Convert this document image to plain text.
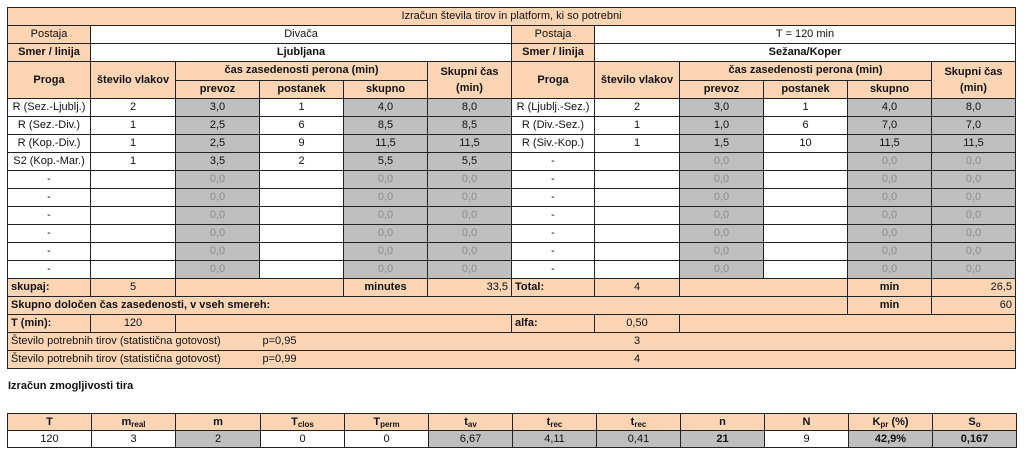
Izračun števila tirov in platform, ki so potrebni											
Postaja	Divača					Postaja	T = 120 min				
Smer / linija	Ljubljana					Smer / linija	Sežana/Koper				
Proga	število vlakov	čas zasedenosti perona (min)			Skupni čas (min)	Proga	število vlakov	čas zasedenosti perona (min)			Skupni čas (min)
		prevoz	postanek	skupno				prevoz	postanek	skupno	
R (Sez.-Ljublj.)	2	3,0	1	4,0	8,0	R (Ljublj.-Sez.)	2	3,0	1	4,0	8,0
R (Sez.-Div.)	1	2,5	6	8,5	8,5	R (Div.-Sez.)	1	1,0	6	7,0	7,0
R (Kop.-Div.)	1	2,5	9	11,5	11,5	R (Siv.-Kop.)	1	1,5	10	11,5	11,5
S2 (Kop.-Mar.)	1	3,5	2	5,5	5,5	-		0,0		0,0	0,0
-		0,0		0,0	0,0	-		0,0		0,0	0,0
-		0,0		0,0	0,0	-		0,0		0,0	0,0
-		0,0		0,0	0,0	-		0,0		0,0	0,0
-		0,0		0,0	0,0	-		0,0		0,0	0,0
-		0,0		0,0	0,0	-		0,0		0,0	0,0
-		0,0		0,0	0,0	-		0,0		0,0	0,0
skupaj:	5			minutes	33,5	Total:	4			min	26,5
Skupno določen čas zasedenosti, v vseh smereh:										min	60
T (min):	120					alfa:	0,50				
Število potrebnih tirov (statistična gotovost)			p=0,95				3				
Število potrebnih tirov (statistična gotovost)			p=0,99				4				
Izračun zmogljivosti tira
T	$m_{real}$	m	$T_{clos}$	$T_{perm}$	$t_{av}$	$t_{rec}$	$t_{rec}$	n	N	$K_{pr}$ (%)	$S_o$
120	3	2	0	0	6,67	4,11	0,41	21	9	42,9%	0,167
